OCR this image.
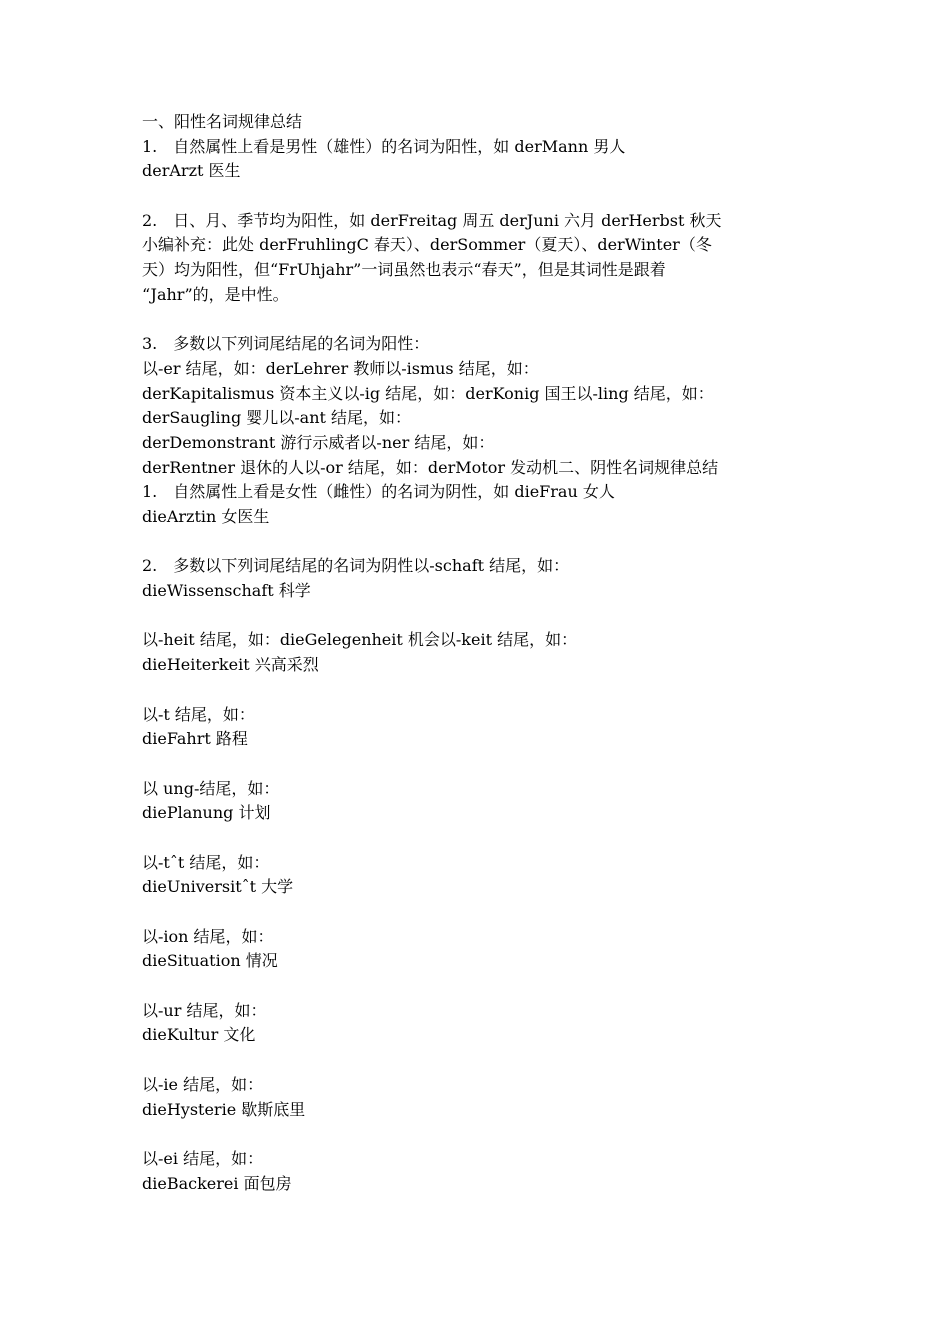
一、阳性名词规律总结
1.　自然属性上看是男性（雄性）的名词为阳性，如 derMann 男人
derArzt 医生
2.　日、月、季节均为阳性，如 derFreitag 周五 derJuni 六月 derHerbst 秋天
小编补充：此处 derFruhlingC 春天）、derSommer（夏天）、derWinter（冬
天）均为阳性，但“FrUhjahr”一词虽然也表示“春天”，但是其词性是跟着
“Jahr”的，是中性。
3.　多数以下列词尾结尾的名词为阳性：
以-er 结尾，如：derLehrer 教师以-ismus 结尾，如：
derKapitalismus 资本主义以-ig 结尾，如：derKonig 国王以-ling 结尾，如：
derSaugling 婴儿以-ant 结尾，如：
derDemonstrant 游行示威者以-ner 结尾，如：
derRentner 退休的人以-or 结尾，如：derMotor 发动机二、阴性名词规律总结
1.　自然属性上看是女性（雌性）的名词为阴性，如 dieFrau 女人
dieArztin 女医生
2.　多数以下列词尾结尾的名词为阴性以-schaft 结尾，如：
dieWissenschaft 科学
以-heit 结尾，如：dieGelegenheit 机会以-keit 结尾，如：
dieHeiterkeit 兴高采烈
以-t 结尾，如：
dieFahrt 路程
以 ung-结尾，如：
diePlanung 计划
以-tˆt 结尾，如：
dieUniversitˆt 大学
以-ion 结尾，如：
dieSituation 情况
以-ur 结尾，如：
dieKultur 文化
以-ie 结尾，如：
dieHysterie 歇斯底里
以-ei 结尾，如：
dieBackerei 面包房
